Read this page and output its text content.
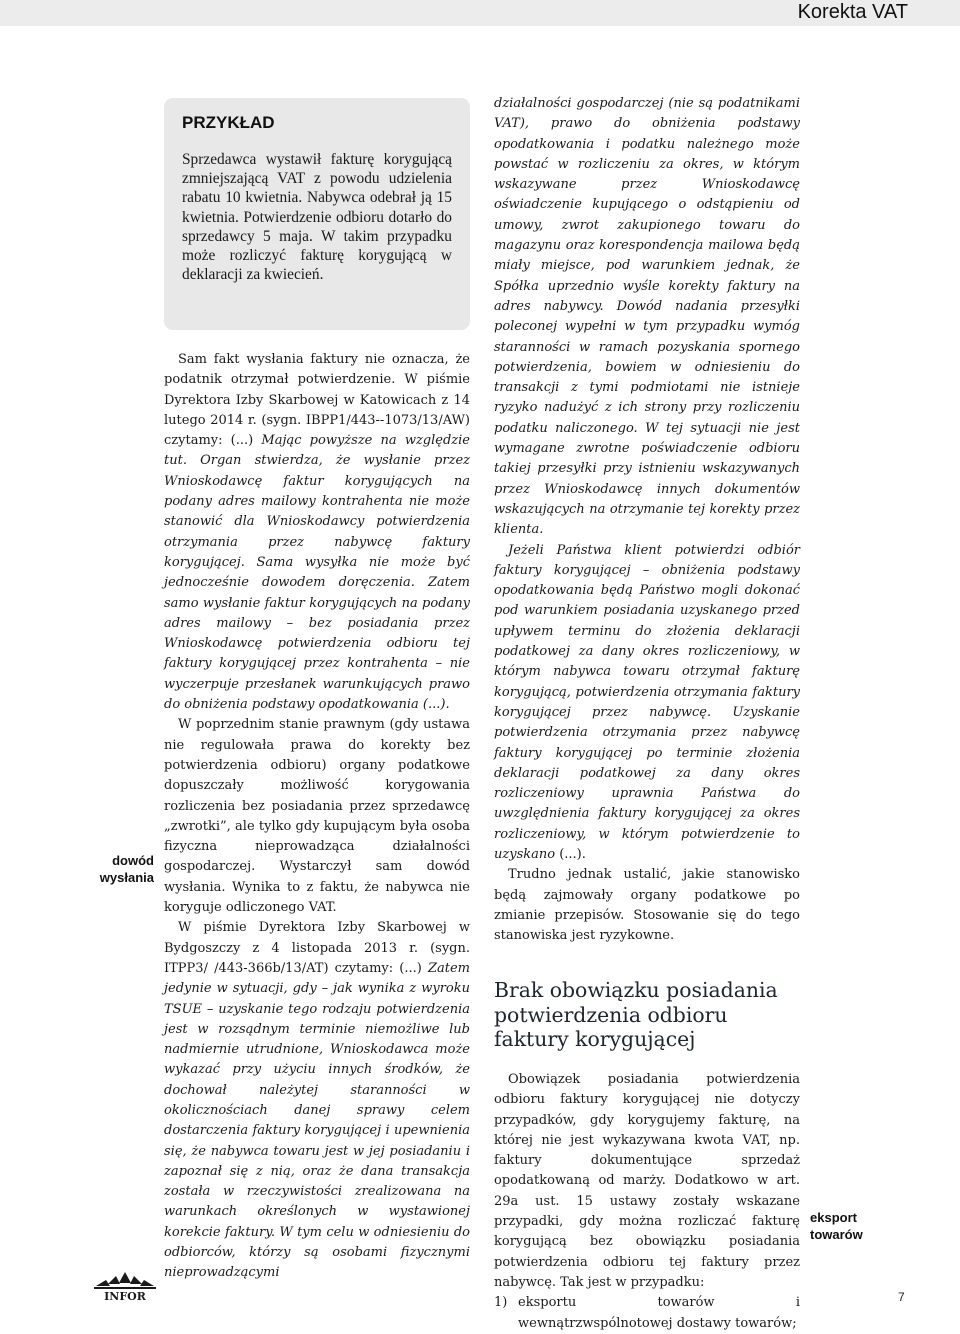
Korekta VAT
PRZYKŁAD

Sprzedawca wystawił fakturę korygującą zmniejszającą VAT z powodu udzielenia rabatu 10 kwietnia. Nabywca odebrał ją 15 kwietnia. Potwierdzenie odbioru dotarło do sprzedawcy 5 maja. W takim przypadku może rozliczyć fakturę korygującą w deklaracji za kwiecień.

Sam fakt wysłania faktury nie oznacza, że podatnik otrzymał potwierdzenie. W piśmie Dyrektora Izby Skarbowej w Katowicach z 14 lutego 2014 r. (sygn. IBPP1/443--1073/13/AW) czytamy: (...) Mając powyższe na względzie tut. Organ stwierdza, że wysłanie przez Wnioskodawcę faktur korygujących na podany adres mailowy kontrahenta nie może stanowić dla Wnioskodawcy potwierdzenia otrzymania przez nabywcę faktury korygującej. Sama wysyłka nie może być jednocześnie dowodem doręczenia. Zatem samo wysłanie faktur korygujących na podany adres mailowy – bez posiadania przez Wnioskodawcę potwierdzenia odbioru tej faktury korygującej przez kontrahenta – nie wyczerpuje przesłanek warunkujących prawo do obniżenia podstawy opodatkowania (...).

W poprzednim stanie prawnym (gdy ustawa nie regulowała prawa do korekty bez potwierdzenia odbioru) organy podatkowe dopuszczały możliwość korygowania rozliczenia bez posiadania przez sprzedawcę „zwrotki”, ale tylko gdy kupującym była osoba fizyczna nieprowadząca działalności gospodarczej. Wystarczył sam dowód wysłania. Wynika to z faktu, że nabywca nie koryguje odliczonego VAT.

W piśmie Dyrektora Izby Skarbowej w Bydgoszczy z 4 listopada 2013 r. (sygn. ITPP3/ /443-366b/13/AT) czytamy: (...) Zatem jedynie w sytuacji, gdy – jak wynika z wyroku TSUE – uzyskanie tego rodzaju potwierdzenia jest w rozsądnym terminie niemożliwe lub nadmiernie utrudnione, Wnioskodawca może wykazać przy użyciu innych środków, że dochował należytej staranności w okolicznościach danej sprawy celem dostarczenia faktury korygującej i upewnienia się, że nabywca towaru jest w jej posiadaniu i zapoznał się z nią, oraz że dana transakcja została w rzeczywistości zrealizowana na warunkach określonych w wystawionej korekcie faktury. W tym celu w odniesieniu do odbiorców, którzy są osobami fizycznymi nieprowadzącymi

dowód wysłania

działalności gospodarczej (nie są podatnikami VAT), prawo do obniżenia podstawy opodatkowania i podatku należnego może powstać w rozliczeniu za okres, w którym wskazywane przez Wnioskodawcę oświadczenie kupującego o odstąpieniu od umowy, zwrot zakupionego towaru do magazynu oraz korespondencja mailowa będą miały miejsce, pod warunkiem jednak, że Spółka uprzednio wyśle korekty faktury na adres nabywcy. Dowód nadania przesyłki poleconej wypełni w tym przypadku wymóg staranności w ramach pozyskania spornego potwierdzenia, bowiem w odniesieniu do transakcji z tymi podmiotami nie istnieje ryzyko nadużyć z ich strony przy rozliczeniu podatku naliczonego. W tej sytuacji nie jest wymagane zwrotne poświadczenie odbioru takiej przesyłki przy istnieniu wskazywanych przez Wnioskodawcę innych dokumentów wskazujących na otrzymanie tej korekty przez klienta.

Jeżeli Państwa klient potwierdzi odbiór faktury korygującej – obniżenia podstawy opodatkowania będą Państwo mogli dokonać pod warunkiem posiadania uzyskanego przed upływem terminu do złożenia deklaracji podatkowej za dany okres rozliczeniowy, w którym nabywca towaru otrzymał fakturę korygującą, potwierdzenia otrzymania faktury korygującej przez nabywcę. Uzyskanie potwierdzenia otrzymania przez nabywcę faktury korygującej po terminie złożenia deklaracji podatkowej za dany okres rozliczeniowy uprawnia Państwa do uwzględnienia faktury korygującej za okres rozliczeniowy, w którym potwierdzenie to uzyskano (...).

Trudno jednak ustalić, jakie stanowisko będą zajmowały organy podatkowe po zmianie przepisów. Stosowanie się do tego stanowiska jest ryzykowne.

Brak obowiązku posiadania potwierdzenia odbioru faktury korygującej

Obowiązek posiadania potwierdzenia odbioru faktury korygującej nie dotyczy przypadków, gdy korygujemy fakturę, na której nie jest wykazywana kwota VAT, np. faktury dokumentujące sprzedaż opodatkowaną od marży. Dodatkowo w art. 29a ust. 15 ustawy zostały wskazane przypadki, gdy można rozliczać fakturę korygującą bez obowiązku posiadania potwierdzenia odbioru tej faktury przez nabywcę. Tak jest w przypadku:

1) eksportu towarów i wewnątrzwspólnotowej dostawy towarów;
eksport towarów
INFOR	7
